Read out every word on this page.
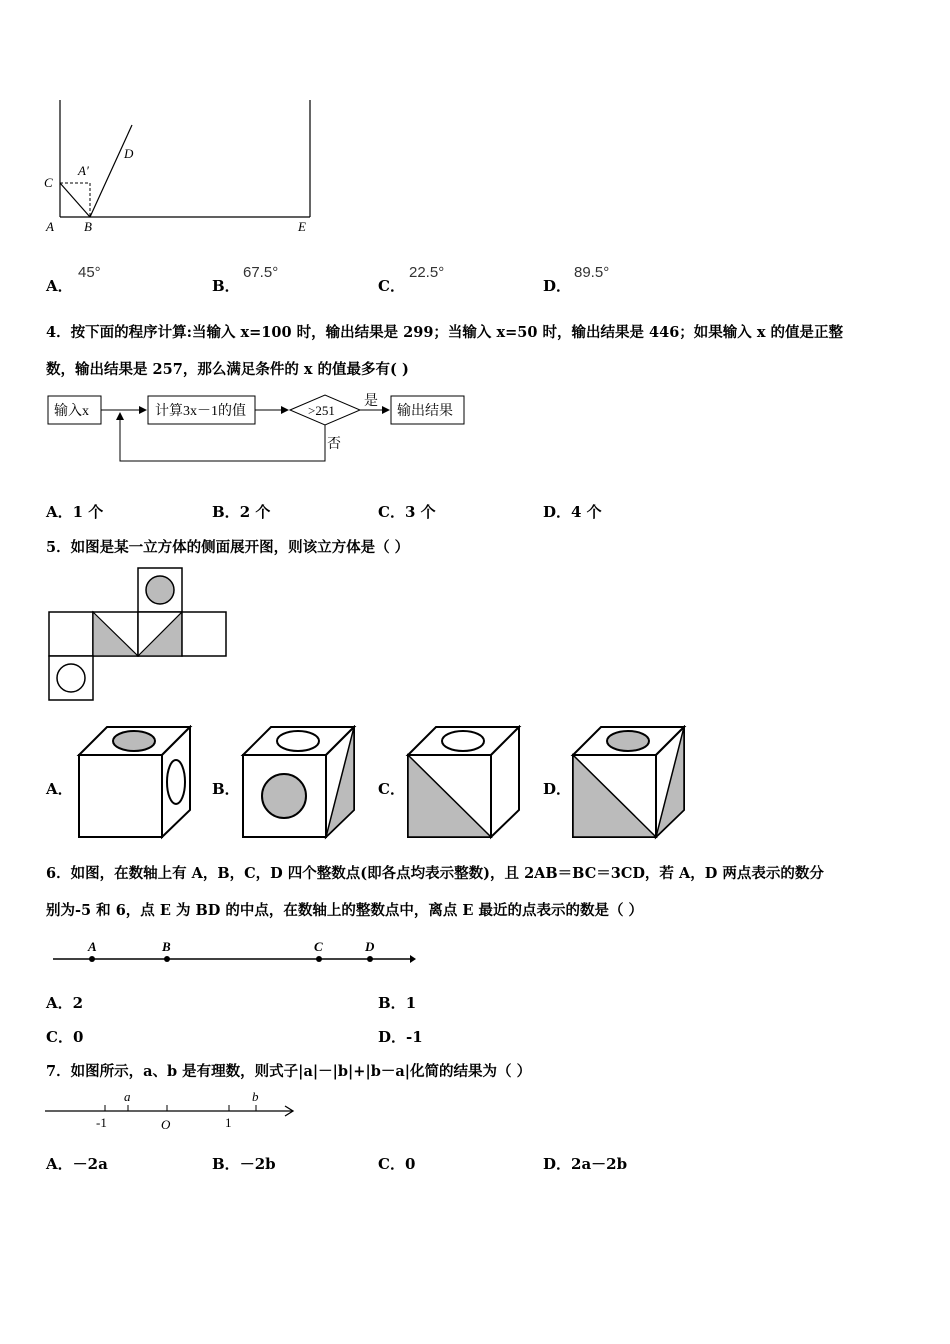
C
A′
D
A B	E
A．
45°
B．
67.5°
C．
22.5°
D．
89.5°
4．按下面的程序计算:当输入 x=100 时，输出结果是 299；当输入 x=50 时，输出结果是 446；如果输入 x 的值是正整
数，输出结果是 257，那么满足条件的 x 的值最多有( )
输入x	计算3x－1的值	>251
是
输出结果
否
A．1 个	B．2 个	C．3 个	D．4 个
5．如图是某一立方体的侧面展开图，则该立方体是（ ）
A．	B．	C．	D．
6．如图，在数轴上有 A，B，C，D 四个整数点(即各点均表示整数)，且 2AB＝BC＝3CD，若 A，D 两点表示的数分
别为-5 和 6，点 E 为 BD 的中点，在数轴上的整数点中，离点 E 最近的点表示的数是（ ）
A	B	C	D
A．2	B．1
C．0	D．-1
7．如图所示，a、b 是有理数，则式子|a|－|b|+|b－a|化简的结果为（ ）
a	b
-1	O	1
A．－2a	B．－2b	C．0	D．2a－2b
